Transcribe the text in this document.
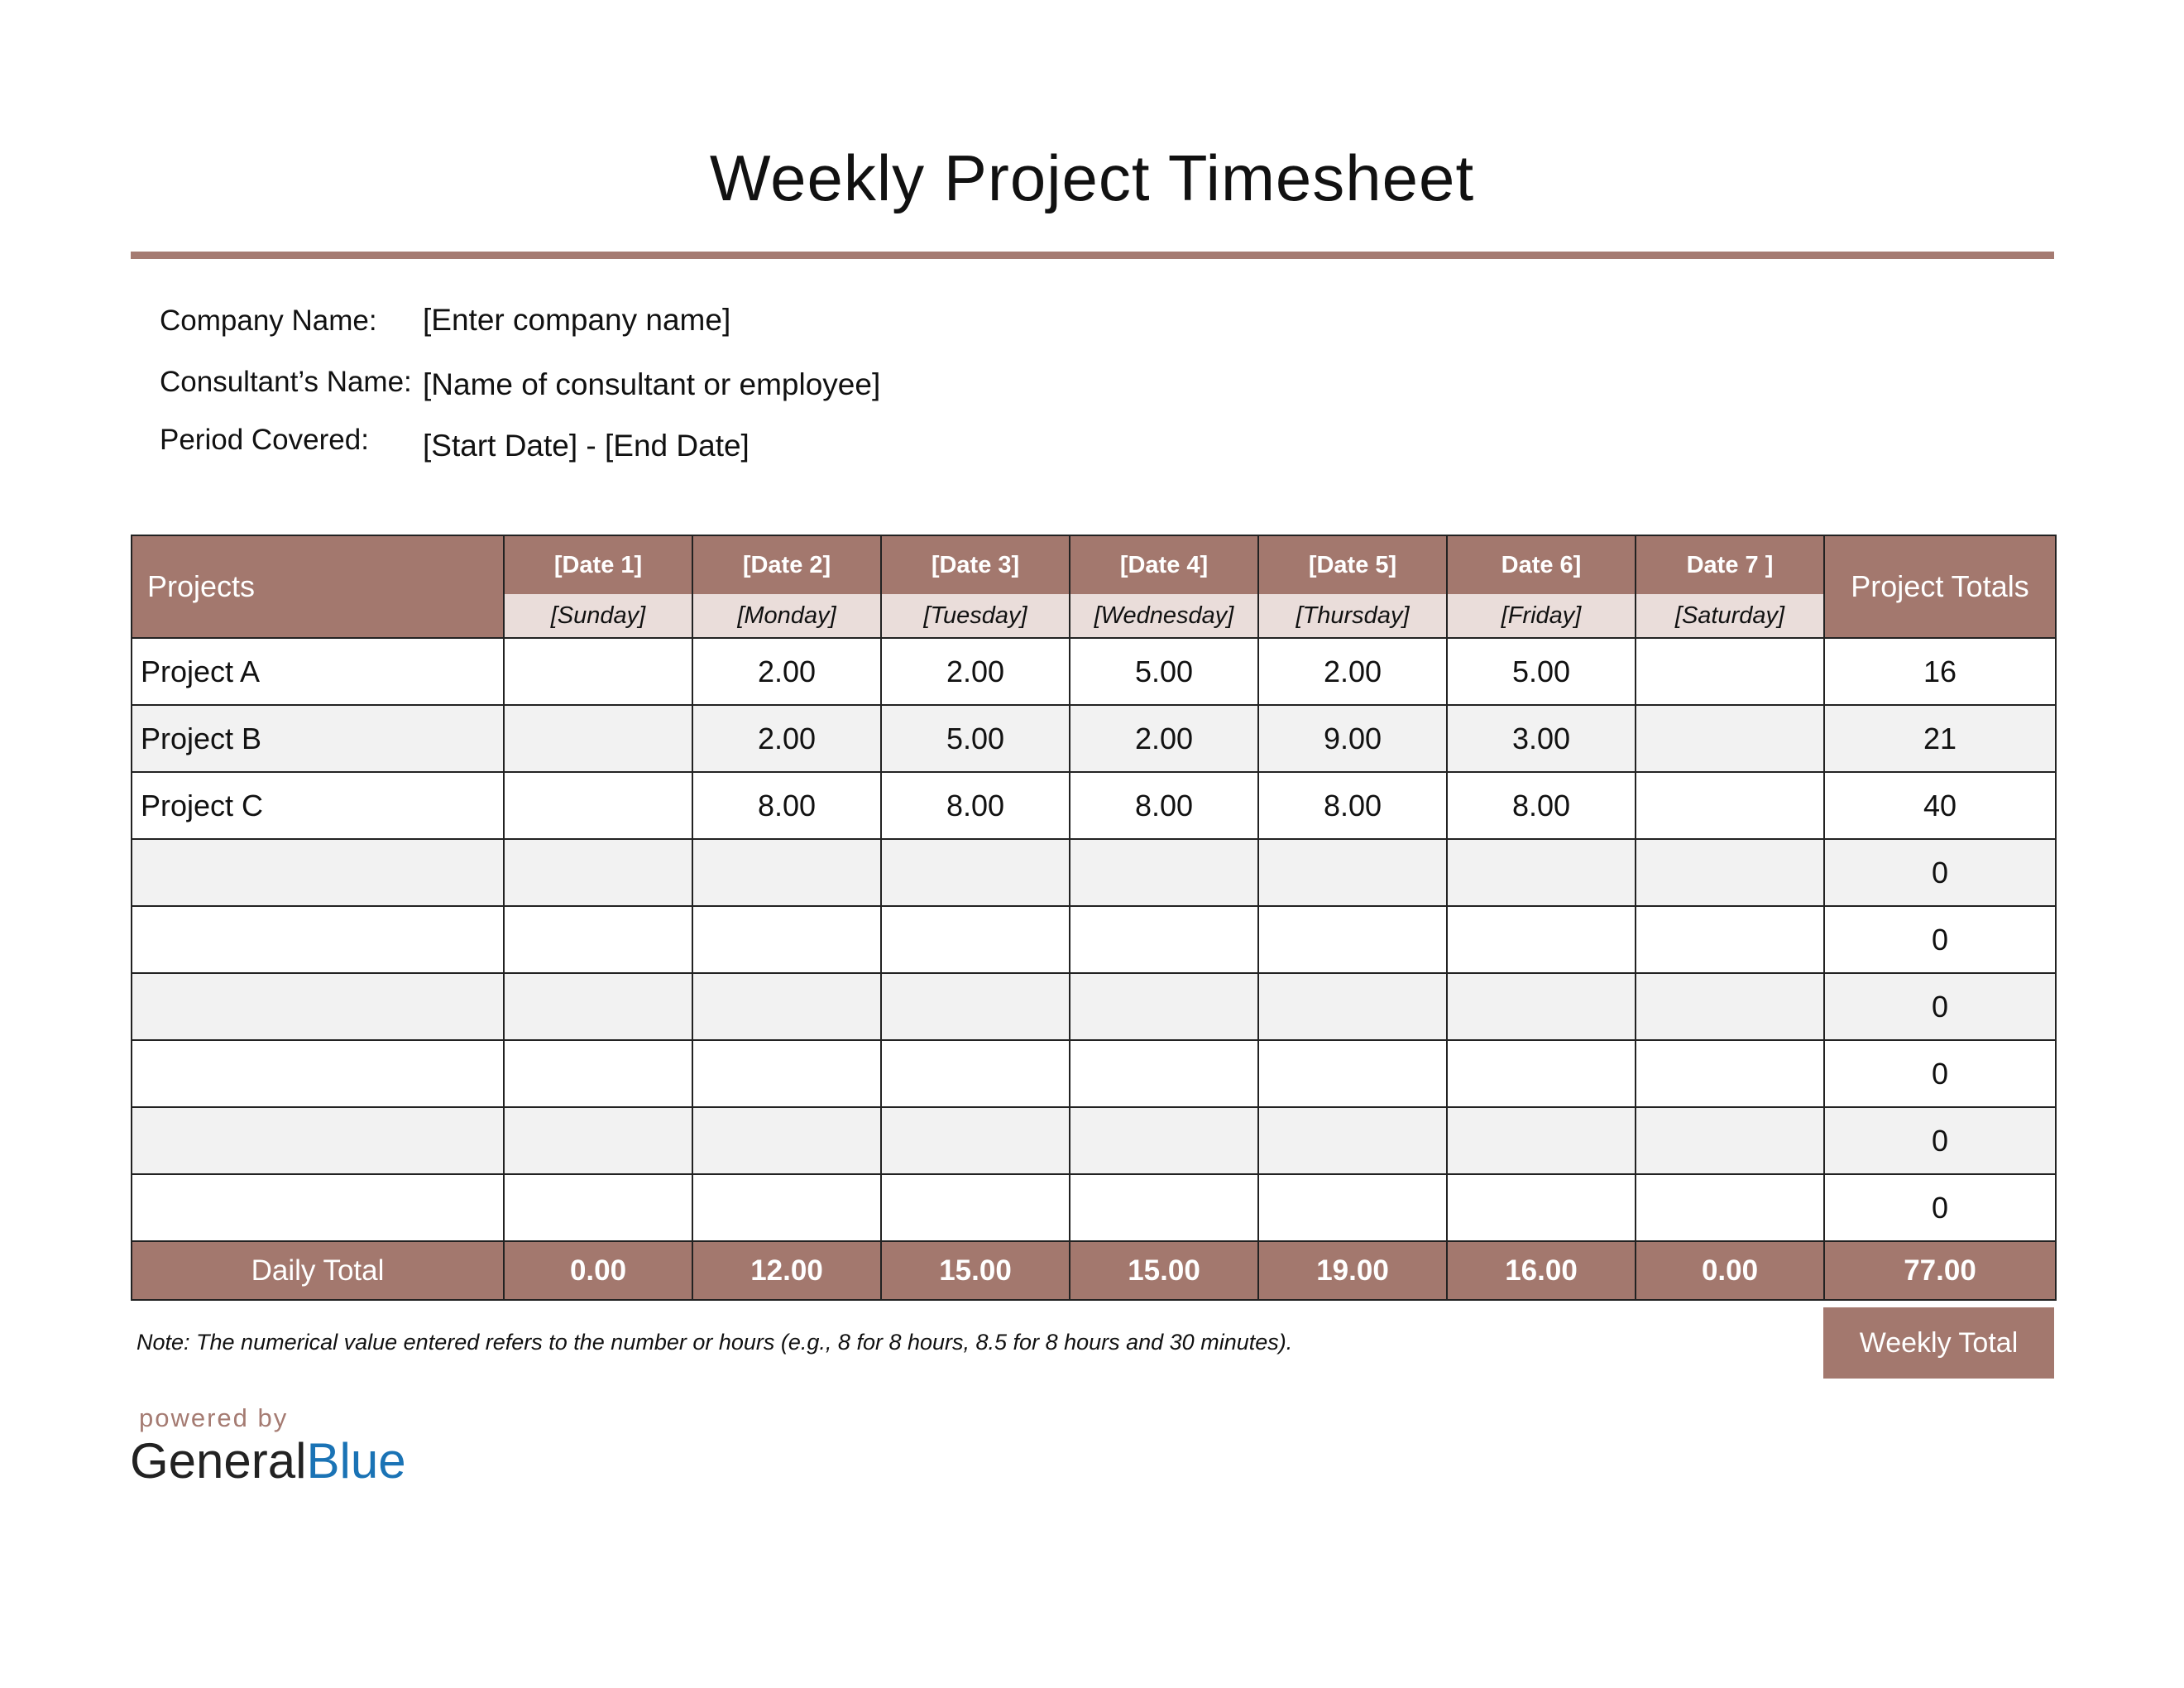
Weekly Project Timesheet
Company Name: [Enter company name]
Consultant’s Name: [Name of consultant or employee]
Period Covered: [Start Date] - [End Date]
Projects	[Date 1]	[Date 2]	[Date 3]	[Date 4]	[Date 5]	Date 6]	Date 7 ]	Project Totals
	[Sunday]	[Monday]	[Tuesday]	[Wednesday]	[Thursday]	[Friday]	[Saturday]	
Project A		2.00	2.00	5.00	2.00	5.00		16
Project B		2.00	5.00	2.00	9.00	3.00		21
Project C		8.00	8.00	8.00	8.00	8.00		40
								0
								0
								0
								0
								0
								0
Daily Total	0.00	12.00	15.00	15.00	19.00	16.00	0.00	77.00
Note: The numerical value entered refers to the number or hours (e.g., 8 for 8 hours, 8.5 for 8 hours and 30 minutes).	Weekly Total
powered by
GeneralBlue
